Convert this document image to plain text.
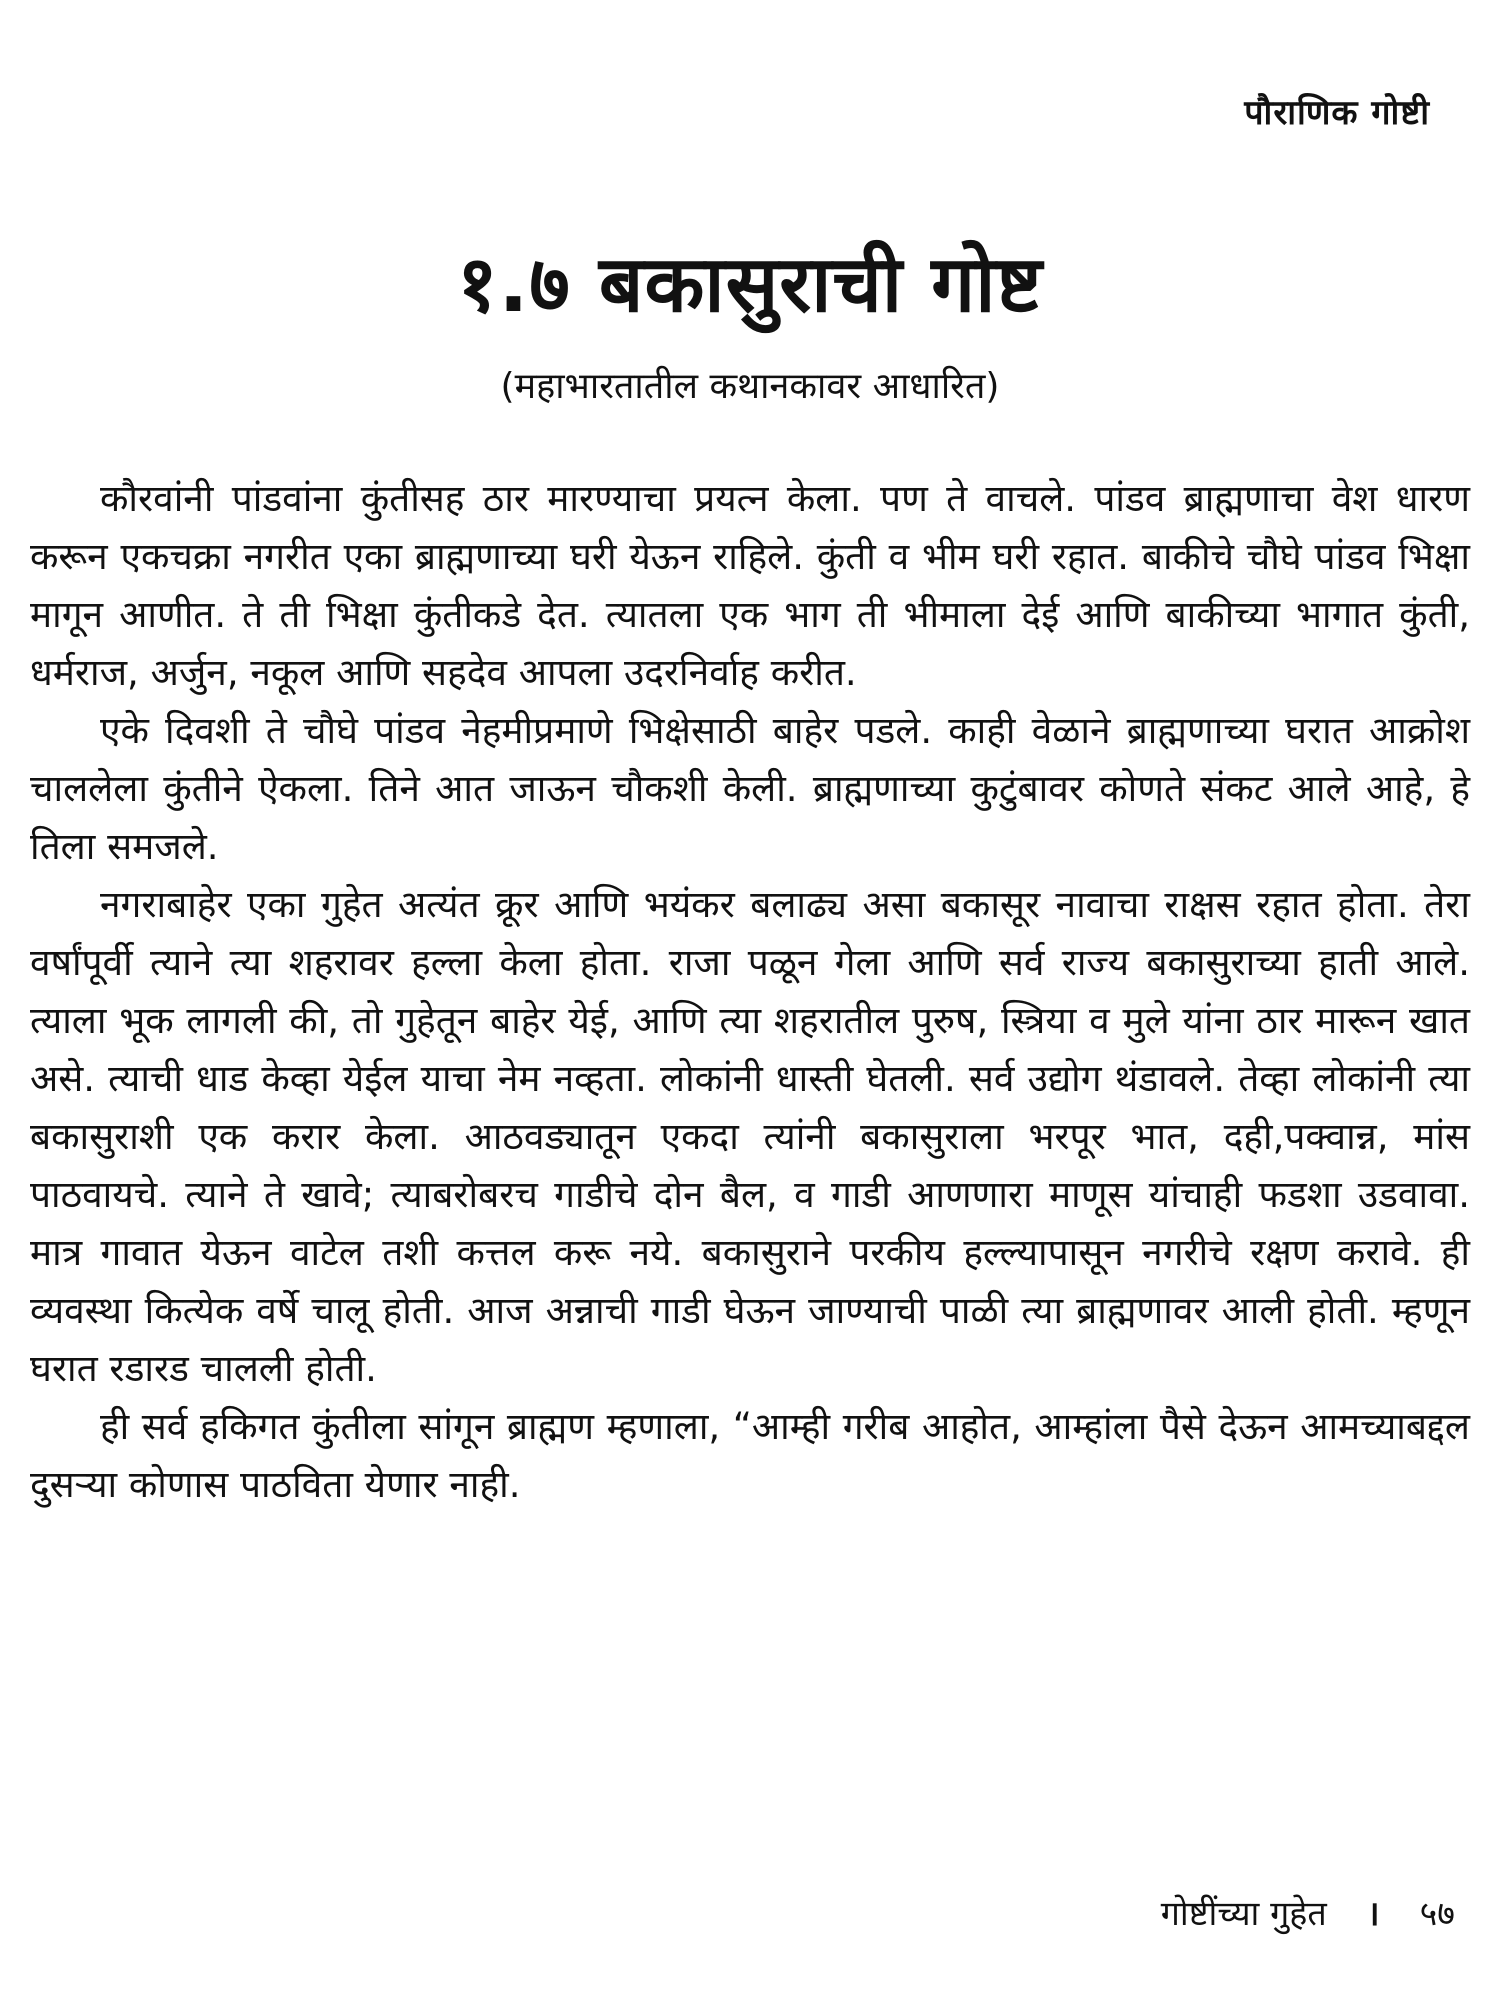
पौराणिक गोष्टी
१.७ बकासुराची गोष्ट
(महाभारतातील कथानकावर आधारित)

कौरवांनी पांडवांना कुंतीसह ठार मारण्याचा प्रयत्न केला. पण ते वाचले. पांडव ब्राह्मणाचा वेश धारण करून एकचक्रा नगरीत एका ब्राह्मणाच्या घरी येऊन राहिले. कुंती व भीम घरी रहात. बाकीचे चौघे पांडव भिक्षा मागून आणीत. ते ती भिक्षा कुंतीकडे देत. त्यातला एक भाग ती भीमाला देई आणि बाकीच्या भागात कुंती, धर्मराज, अर्जुन, नकूल आणि सहदेव आपला उदरनिर्वाह करीत.

एके दिवशी ते चौघे पांडव नेहमीप्रमाणे भिक्षेसाठी बाहेर पडले. काही वेळाने ब्राह्मणाच्या घरात आक्रोश चाललेला कुंतीने ऐकला. तिने आत जाऊन चौकशी केली. ब्राह्मणाच्या कुटुंबावर कोणते संकट आले आहे, हे तिला समजले.

नगराबाहेर एका गुहेत अत्यंत क्रूर आणि भयंकर बलाढ्य असा बकासूर नावाचा राक्षस रहात होता. तेरा वर्षांपूर्वी त्याने त्या शहरावर हल्ला केला होता. राजा पळून गेला आणि सर्व राज्य बकासुराच्या हाती आले. त्याला भूक लागली की, तो गुहेतून बाहेर येई, आणि त्या शहरातील पुरुष, स्त्रिया व मुले यांना ठार मारून खात असे. त्याची धाड केव्हा येईल याचा नेम नव्हता. लोकांनी धास्ती घेतली. सर्व उद्योग थंडावले. तेव्हा लोकांनी त्या बकासुराशी एक करार केला. आठवड्यातून एकदा त्यांनी बकासुराला भरपूर भात, दही,पक्वान्न, मांस पाठवायचे. त्याने ते खावे; त्याबरोबरच गाडीचे दोन बैल, व गाडी आणणारा माणूस यांचाही फडशा उडवावा. मात्र गावात येऊन वाटेल तशी कत्तल करू नये. बकासुराने परकीय हल्ल्यापासून नगरीचे रक्षण करावे. ही व्यवस्था कित्येक वर्षे चालू होती. आज अन्नाची गाडी घेऊन जाण्याची पाळी त्या ब्राह्मणावर आली होती. म्हणून घरात रडारड चालली होती.

ही सर्व हकिगत कुंतीला सांगून ब्राह्मण म्हणाला, “आम्ही गरीब आहोत, आम्हांला पैसे देऊन आमच्याबद्दल दुसऱ्या कोणास पाठविता येणार नाही.

गोष्टींच्या गुहेत । ५७
